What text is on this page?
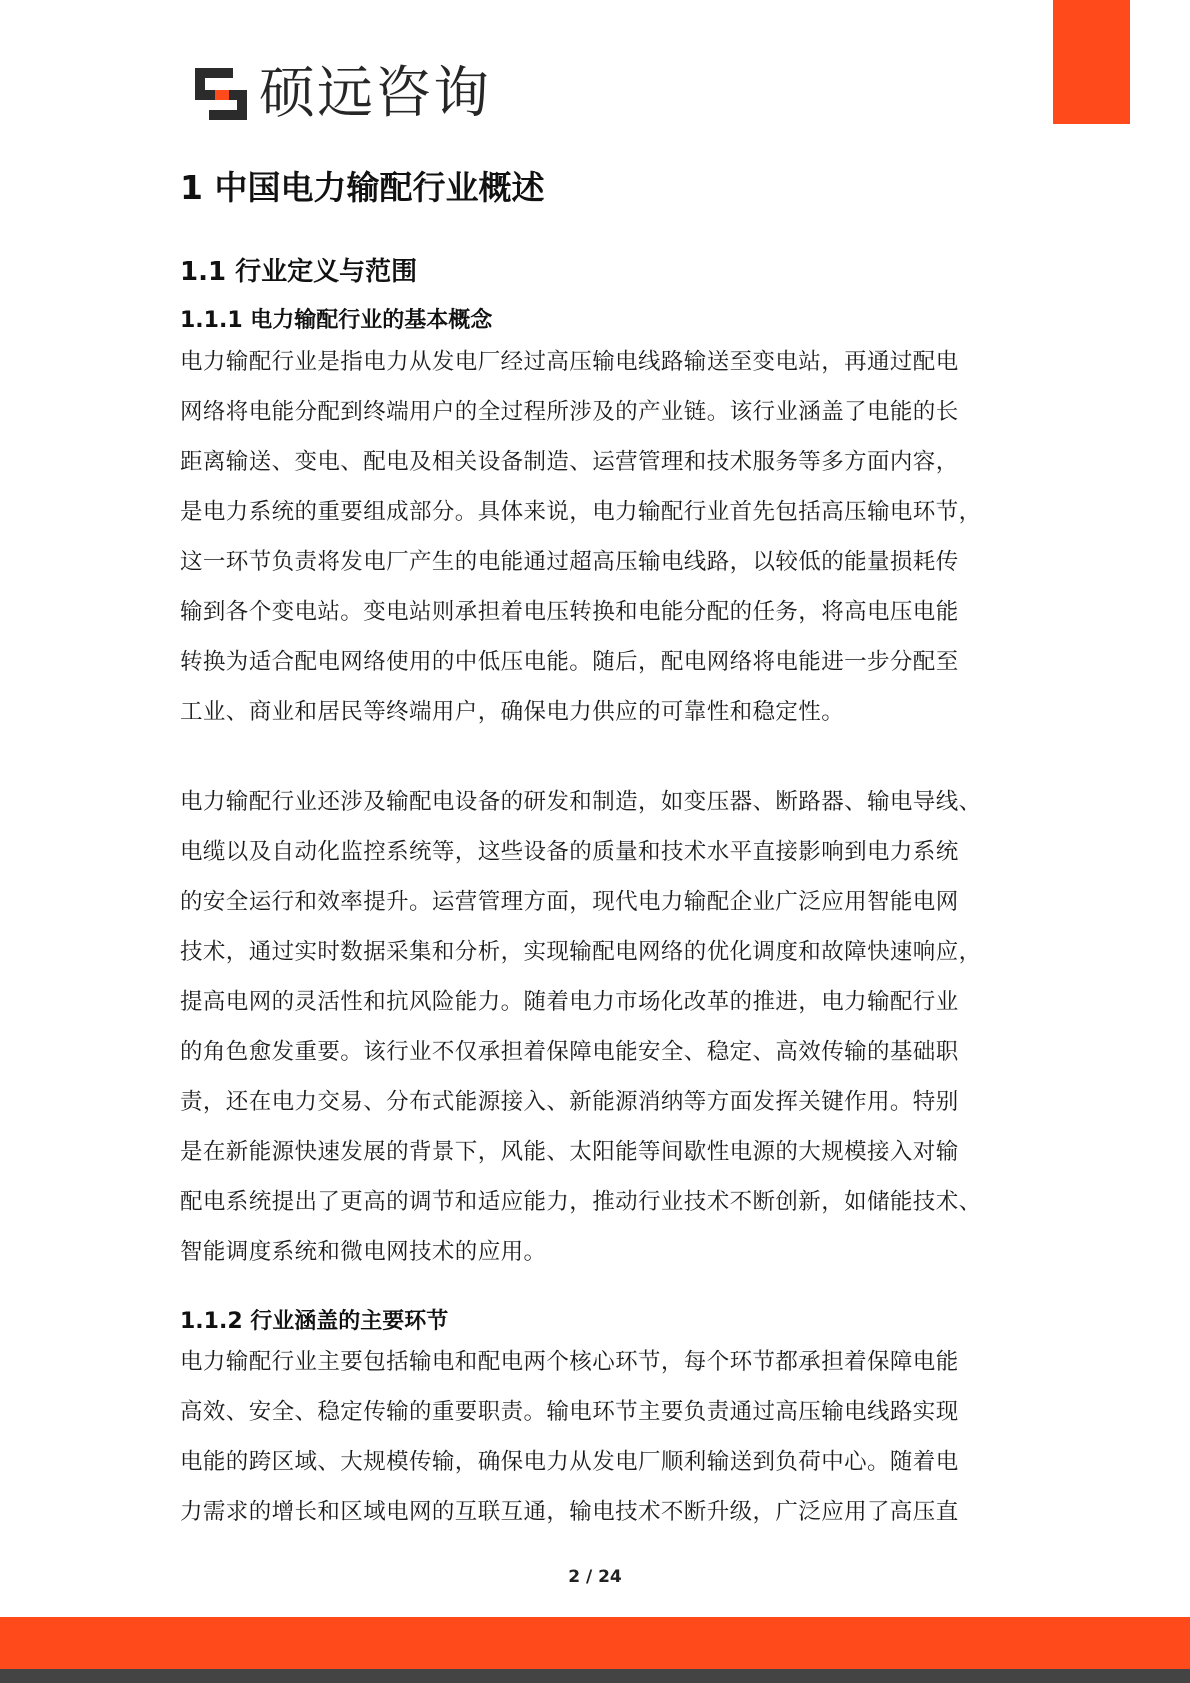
硕远咨询
1 中国电力输配行业概述
1.1 行业定义与范围
1.1.1 电力输配行业的基本概念
电力输配行业是指电力从发电厂经过高压输电线路输送至变电站，再通过配电
网络将电能分配到终端用户的全过程所涉及的产业链。该行业涵盖了电能的长
距离输送、变电、配电及相关设备制造、运营管理和技术服务等多方面内容，
是电力系统的重要组成部分。具体来说，电力输配行业首先包括高压输电环节，
这一环节负责将发电厂产生的电能通过超高压输电线路，以较低的能量损耗传
输到各个变电站。变电站则承担着电压转换和电能分配的任务，将高电压电能
转换为适合配电网络使用的中低压电能。随后，配电网络将电能进一步分配至
工业、商业和居民等终端用户，确保电力供应的可靠性和稳定性。
电力输配行业还涉及输配电设备的研发和制造，如变压器、断路器、输电导线、
电缆以及自动化监控系统等，这些设备的质量和技术水平直接影响到电力系统
的安全运行和效率提升。运营管理方面，现代电力输配企业广泛应用智能电网
技术，通过实时数据采集和分析，实现输配电网络的优化调度和故障快速响应，
提高电网的灵活性和抗风险能力。随着电力市场化改革的推进，电力输配行业
的角色愈发重要。该行业不仅承担着保障电能安全、稳定、高效传输的基础职
责，还在电力交易、分布式能源接入、新能源消纳等方面发挥关键作用。特别
是在新能源快速发展的背景下，风能、太阳能等间歇性电源的大规模接入对输
配电系统提出了更高的调节和适应能力，推动行业技术不断创新，如储能技术、
智能调度系统和微电网技术的应用。
1.1.2 行业涵盖的主要环节
电力输配行业主要包括输电和配电两个核心环节，每个环节都承担着保障电能
高效、安全、稳定传输的重要职责。输电环节主要负责通过高压输电线路实现
电能的跨区域、大规模传输，确保电力从发电厂顺利输送到负荷中心。随着电
力需求的增长和区域电网的互联互通，输电技术不断升级，广泛应用了高压直
2 / 24
